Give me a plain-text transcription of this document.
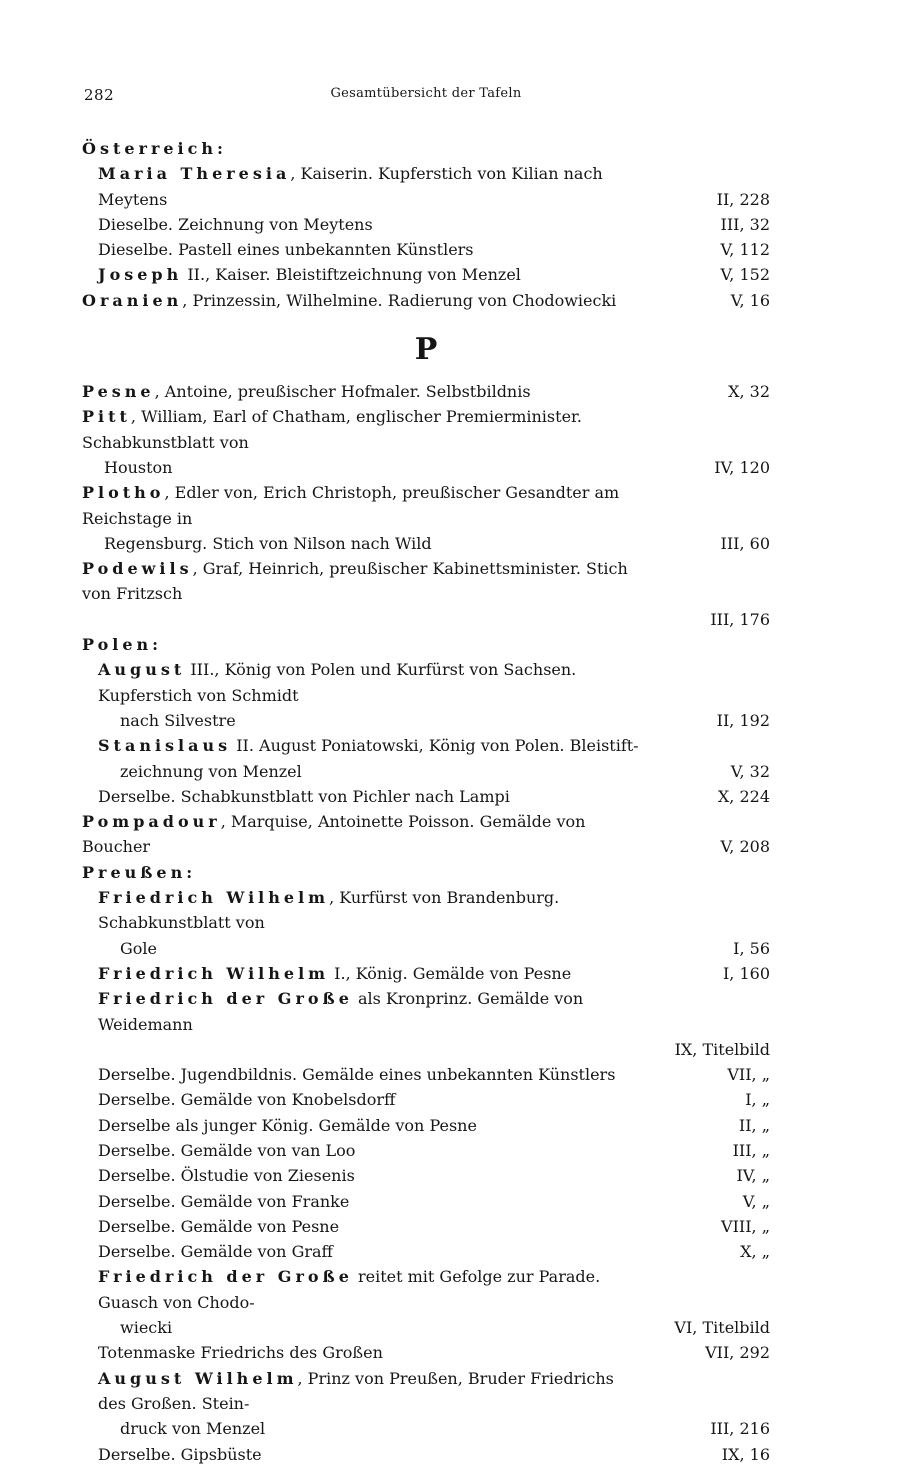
282	Gesamtübersicht der Tafeln
Österreich:
Maria Theresia, Kaiserin. Kupferstich von Kilian nach Meytens	II, 228
Dieselbe. Zeichnung von Meytens	III, 32
Dieselbe. Pastell eines unbekannten Künstlers	V, 112
Joseph II., Kaiser. Bleistiftzeichnung von Menzel	V, 152
Oranien, Prinzessin, Wilhelmine. Radierung von Chodowiecki	V, 16
P
Pesne, Antoine, preußischer Hofmaler. Selbstbildnis	X, 32
Pitt, William, Earl of Chatham, englischer Premierminister. Schabkunstblatt von
Houston	IV, 120
Plotho, Edler von, Erich Christoph, preußischer Gesandter am Reichstage in
Regensburg. Stich von Nilson nach Wild	III, 60
Podewils, Graf, Heinrich, preußischer Kabinettsminister. Stich von Fritzsch
III, 176
Polen:
August III., König von Polen und Kurfürst von Sachsen. Kupferstich von Schmidt
nach Silvestre	II, 192
Stanislaus II. August Poniatowski, König von Polen. Bleistift-
zeichnung von Menzel	V, 32
Derselbe. Schabkunstblatt von Pichler nach Lampi	X, 224
Pompadour, Marquise, Antoinette Poisson. Gemälde von Boucher	V, 208
Preußen:
Friedrich Wilhelm, Kurfürst von Brandenburg. Schabkunstblatt von
Gole	I, 56
Friedrich Wilhelm I., König. Gemälde von Pesne	I, 160
Friedrich der Große als Kronprinz. Gemälde von Weidemann
IX, Titelbild
Derselbe. Jugendbildnis. Gemälde eines unbekannten Künstlers	VII, „
Derselbe. Gemälde von Knobelsdorff	I, „
Derselbe als junger König. Gemälde von Pesne	II, „
Derselbe. Gemälde von van Loo	III, „
Derselbe. Ölstudie von Ziesenis	IV, „
Derselbe. Gemälde von Franke	V, „
Derselbe. Gemälde von Pesne	VIII, „
Derselbe. Gemälde von Graff	X, „
Friedrich der Große reitet mit Gefolge zur Parade. Guasch von Chodo-
wiecki	VI, Titelbild
Totenmaske Friedrichs des Großen	VII, 292
August Wilhelm, Prinz von Preußen, Bruder Friedrichs des Großen. Stein-
druck von Menzel	III, 216
Derselbe. Gipsbüste	IX, 16
